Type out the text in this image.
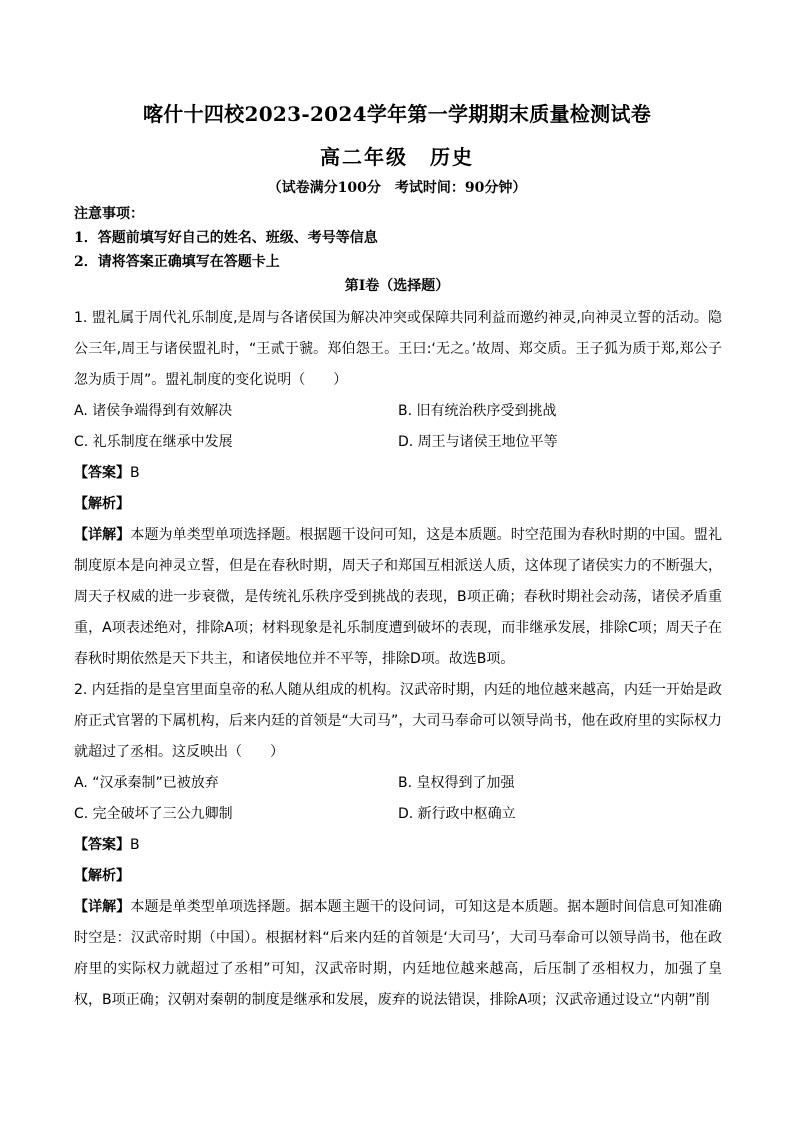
喀什十四校2023-2024学年第一学期期末质量检测试卷
高二年级　历史
（试卷满分100分　考试时间：90分钟）
注意事项：
1．答题前填写好自己的姓名、班级、考号等信息
2．请将答案正确填写在答题卡上
第Ⅰ卷（选择题）

1. 盟礼属于周代礼乐制度,是周与各诸侯国为解决冲突或保障共同利益而邀约神灵,向神灵立誓的活动。隐公三年,周王与诸侯盟礼时，“王贰于虢。郑伯怨王。王曰:‘无之。’故周、郑交质。王子狐为质于郑,郑公子忽为质于周”。盟礼制度的变化说明（　　）

A. 诸侯争端得到有效解决	B. 旧有统治秩序受到挑战
C. 礼乐制度在继承中发展	D. 周王与诸侯王地位平等
【答案】B
【解析】

【详解】本题为单类型单项选择题。根据题干设问可知，这是本质题。时空范围为春秋时期的中国。盟礼制度原本是向神灵立誓，但是在春秋时期，周天子和郑国互相派送人质，这体现了诸侯实力的不断强大，周天子权威的进一步衰微，是传统礼乐秩序受到挑战的表现，B项正确；春秋时期社会动荡，诸侯矛盾重重，A项表述绝对，排除A项；材料现象是礼乐制度遭到破坏的表现，而非继承发展，排除C项；周天子在春秋时期依然是天下共主，和诸侯地位并不平等，排除D项。故选B项。

2. 内廷指的是皇宫里面皇帝的私人随从组成的机构。汉武帝时期，内廷的地位越来越高，内廷一开始是政府正式官署的下属机构，后来内廷的首领是“大司马”，大司马奉命可以领导尚书，他在政府里的实际权力就超过了丞相。这反映出（　　）

A. “汉承秦制”已被放弃	B. 皇权得到了加强
C. 完全破坏了三公九卿制	D. 新行政中枢确立
【答案】B
【解析】

【详解】本题是单类型单项选择题。据本题主题干的设问词，可知这是本质题。据本题时间信息可知准确时空是：汉武帝时期（中国）。根据材料“后来内廷的首领是‘大司马’，大司马奉命可以领导尚书，他在政府里的实际权力就超过了丞相”可知，汉武帝时期，内廷地位越来越高，后压制了丞相权力，加强了皇权，B项正确；汉朝对秦朝的制度是继承和发展，废弃的说法错误，排除A项；汉武帝通过设立“内朝”削
